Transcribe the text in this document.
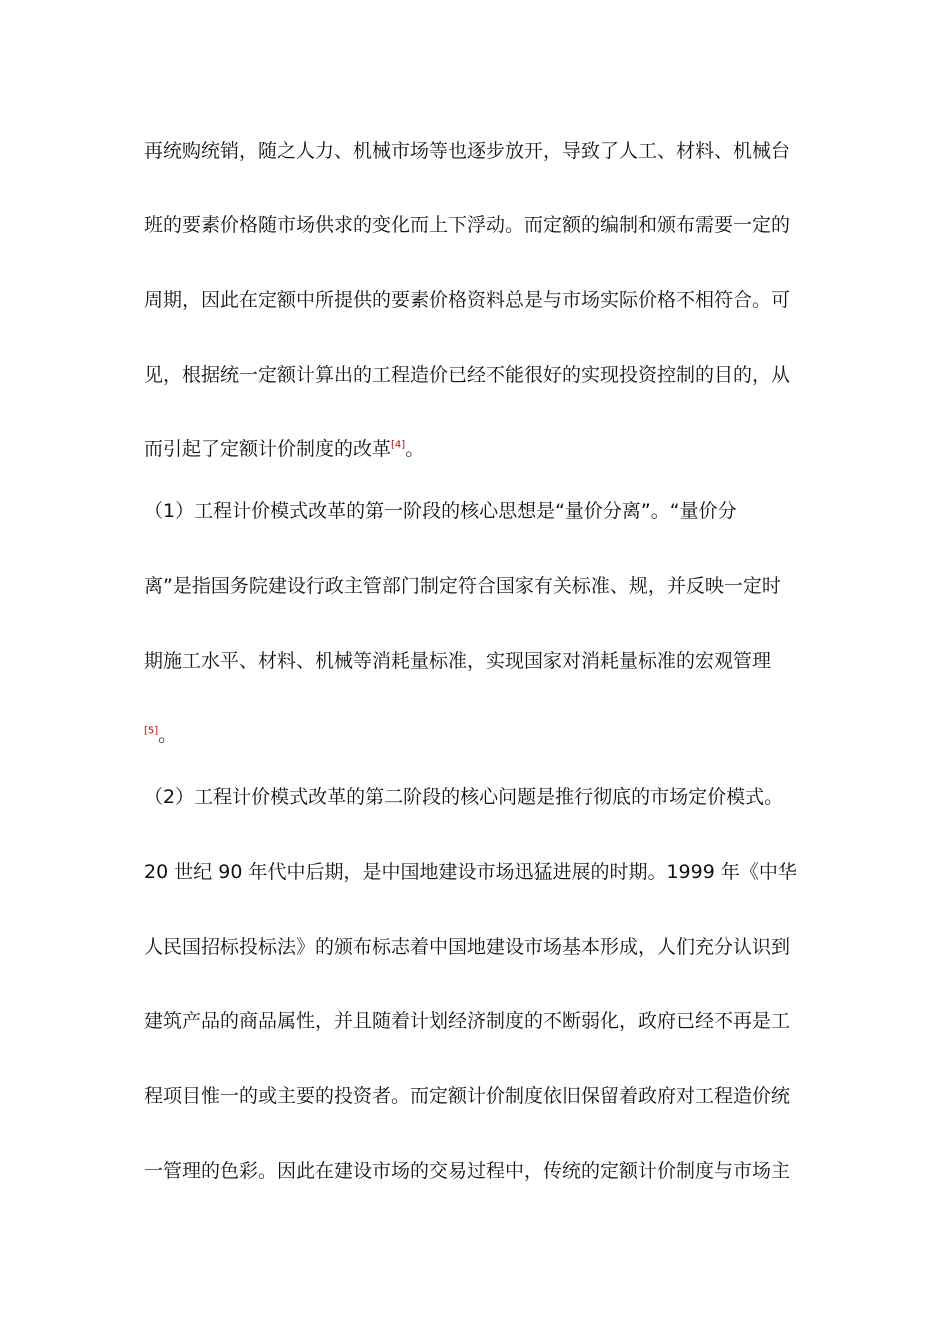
再统购统销，随之人力、机械市场等也逐步放开，导致了人工、材料、机械台
班的要素价格随市场供求的变化而上下浮动。而定额的编制和颁布需要一定的
周期，因此在定额中所提供的要素价格资料总是与市场实际价格不相符合。可
见，根据统一定额计算出的工程造价已经不能很好的实现投资控制的目的，从
而引起了定额计价制度的改革[4]。
（1）工程计价模式改革的第一阶段的核心思想是“量价分离”。“量价分
离”是指国务院建设行政主管部门制定符合国家有关标准、规，并反映一定时
期施工水平、材料、机械等消耗量标准，实现国家对消耗量标准的宏观管理
[5]。
（2）工程计价模式改革的第二阶段的核心问题是推行彻底的市场定价模式。
20 世纪 90 年代中后期，是中国地建设市场迅猛进展的时期。1999 年《中华
人民国招标投标法》的颁布标志着中国地建设市场基本形成，人们充分认识到
建筑产品的商品属性，并且随着计划经济制度的不断弱化，政府已经不再是工
程项目惟一的或主要的投资者。而定额计价制度依旧保留着政府对工程造价统
一管理的色彩。因此在建设市场的交易过程中，传统的定额计价制度与市场主
